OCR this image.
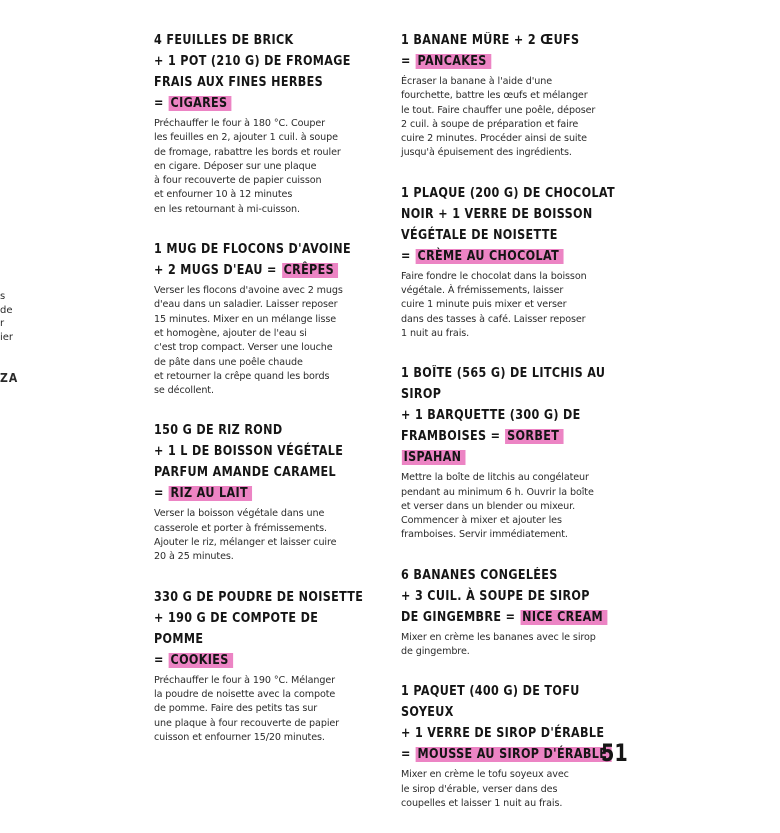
s
de
r
ier
ZA
4 FEUILLES DE BRICK
+ 1 POT (210 G) DE FROMAGE
FRAIS AUX FINES HERBES
= CIGARES

Préchauffer le four à 180 °C. Couper
les feuilles en 2, ajouter 1 cuil. à soupe
de fromage, rabattre les bords et rouler
en cigare. Déposer sur une plaque
à four recouverte de papier cuisson
et enfourner 10 à 12 minutes
en les retournant à mi-cuisson.

1 MUG DE FLOCONS D'AVOINE
+ 2 MUGS D'EAU = CRÊPES

Verser les flocons d'avoine avec 2 mugs
d'eau dans un saladier. Laisser reposer
15 minutes. Mixer en un mélange lisse
et homogène, ajouter de l'eau si
c'est trop compact. Verser une louche
de pâte dans une poêle chaude
et retourner la crêpe quand les bords
se décollent.

150 G DE RIZ ROND
+ 1 L DE BOISSON VÉGÉTALE
PARFUM AMANDE CARAMEL
= RIZ AU LAIT

Verser la boisson végétale dans une
casserole et porter à frémissements.
Ajouter le riz, mélanger et laisser cuire
20 à 25 minutes.

330 G DE POUDRE DE NOISETTE
+ 190 G DE COMPOTE DE POMME
= COOKIES

Préchauffer le four à 190 °C. Mélanger
la poudre de noisette avec la compote
de pomme. Faire des petits tas sur
une plaque à four recouverte de papier
cuisson et enfourner 15/20 minutes.

1 BANANE MÛRE + 2 ŒUFS
= PANCAKES

Écraser la banane à l'aide d'une
fourchette, battre les œufs et mélanger
le tout. Faire chauffer une poêle, déposer
2 cuil. à soupe de préparation et faire
cuire 2 minutes. Procéder ainsi de suite
jusqu'à épuisement des ingrédients.

1 PLAQUE (200 G) DE CHOCOLAT
NOIR + 1 VERRE DE BOISSON
VÉGÉTALE DE NOISETTE
= CRÈME AU CHOCOLAT

Faire fondre le chocolat dans la boisson
végétale. À frémissements, laisser
cuire 1 minute puis mixer et verser
dans des tasses à café. Laisser reposer
1 nuit au frais.

1 BOÎTE (565 G) DE LITCHIS AU SIROP
+ 1 BARQUETTE (300 G) DE
FRAMBOISES = SORBET ISPAHAN

Mettre la boîte de litchis au congélateur
pendant au minimum 6 h. Ouvrir la boîte
et verser dans un blender ou mixeur.
Commencer à mixer et ajouter les
framboises. Servir immédiatement.

6 BANANES CONGELÉES
+ 3 CUIL. À SOUPE DE SIROP
DE GINGEMBRE = NICE CREAM

Mixer en crème les bananes avec le sirop
de gingembre.

1 PAQUET (400 G) DE TOFU SOYEUX
+ 1 VERRE DE SIROP D'ÉRABLE
= MOUSSE AU SIROP D'ÉRABLE

Mixer en crème le tofu soyeux avec
le sirop d'érable, verser dans des
coupelles et laisser 1 nuit au frais.

51
